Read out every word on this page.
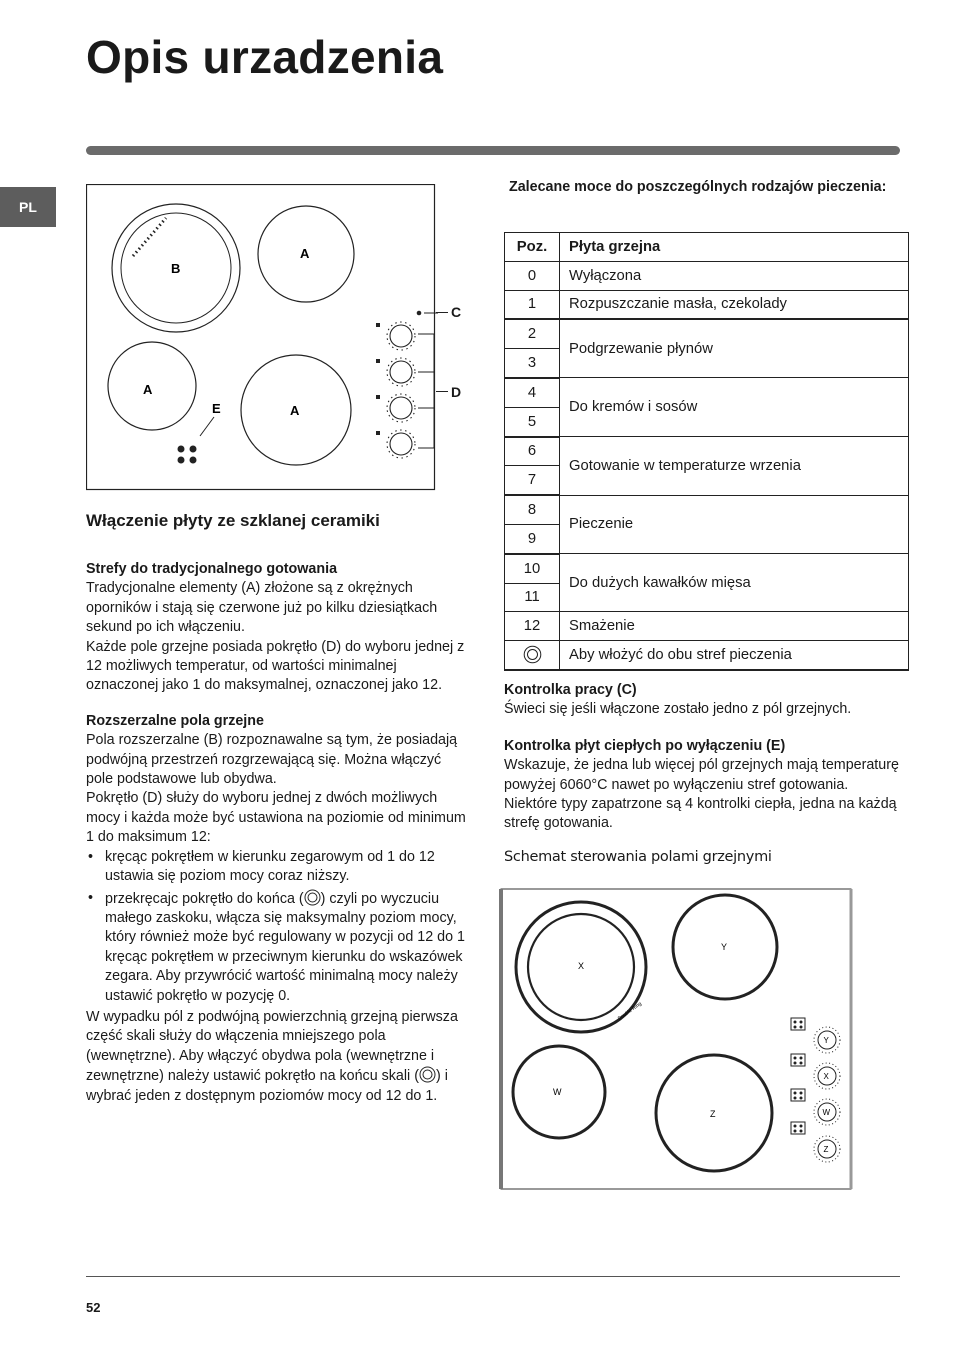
Opis urzadzenia
PL
B
A
A
A
E
C
D
Włączenie płyty ze szklanej ceramiki
Strefy do tradycjonalnego gotowania

Tradycjonalne elementy (A) złożone są z okrężnych oporników i stają się czerwone już po kilku dziesiątkach sekund po ich włączeniu.

Każde pole grzejne posiada pokrętło (D) do wyboru jednej z 12 możliwych temperatur, od wartości minimalnej oznaczonej jako 1 do maksymalnej, oznaczonej jako 12.

Rozszerzalne pola grzejne

Pola rozszerzalne (B) rozpoznawalne są tym, że posiadają podwójną przestrzeń rozgrzewającą się. Można włączyć pole podstawowe lub obydwa.

Pokrętło (D) służy do wyboru jednej z dwóch możliwych mocy i każda może być ustawiona na poziomie od minimum 1 do maksimum 12:

• kręcąc pokrętłem w kierunku zegarowym od 1 do 12 ustawia się poziom mocy coraz niższy.
• przekręcajc pokrętło do końca ( ) czyli po wyczuciu małego zaskoku, włącza się maksymalny poziom mocy, który również może być regulowany w pozycji od 12 do 1 kręcąc pokrętłem w przeciwnym kierunku do wskazówek zegara. Aby przywrócić wartość minimalną mocy należy ustawić pokrętło w pozycję 0.

W wypadku pól z podwójną powierzchnią grzejną pierwsza część skali służy do włączenia mniejszego pola (wewnętrzne). Aby włączyć obydwa pola (wewnętrzne i zewnętrzne) należy ustawić pokrętło na końcu skali ( ) i wybrać jeden z dostępnym poziomów mocy od 12 do 1.

Zalecane moce do poszczególnych rodzajów pieczenia:
Poz.	Płyta grzejna
0	Wyłączona
1	Rozpuszczanie masła, czekolady
2	Podgrzewanie płynów
3	
4	Do kremów i sosów
5	
6	Gotowanie w temperaturze wrzenia
7	
8	Pieczenie
9	
10	Do dużych kawałków mięsa
11	
12	Smażenie
	Aby włożyć do obu stref pieczenia
Kontrolka pracy (C)

Świeci się jeśli włączone zostało jedno z pól grzejnych.

Kontrolka płyt ciepłych po wyłączeniu (E)

Wskazuje, że jedna lub więcej pól grzejnych mają temperaturę powyżej 6060°C nawet po wyłączeniu stref gotowania. Niektóre typy zapatrzone są 4 kontrolki ciepła, jedna na każdą strefę gotowania.

Schemat sterowania polami grzejnymi
X
Double Ring
Y
W
Z
Y
X
W
Z
52
